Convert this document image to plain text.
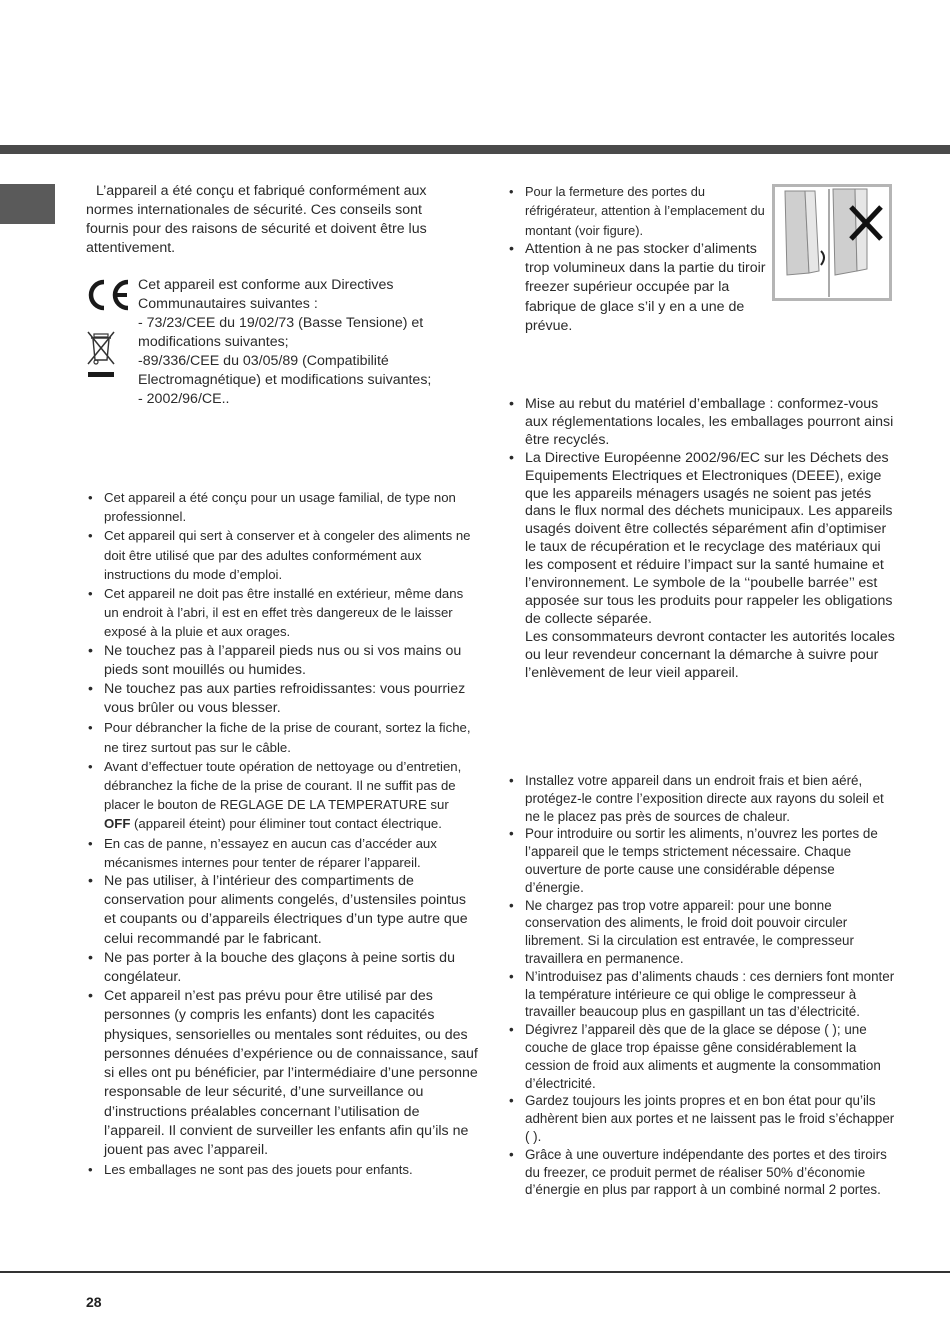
L’appareil a été conçu et fabriqué conformément aux normes internationales de sécurité. Ces conseils sont fournis pour des raisons de sécurité et doivent être lus attentivement.

Cet appareil est conforme aux Directives
Communautaires suivantes :
- 73/23/CEE du 19/02/73 (Basse Tensione) et
modifications suivantes;
-89/336/CEE du 03/05/89 (Compatibilité
Electromagnétique) et modifications suivantes;
- 2002/96/CE..
• Cet appareil a été conçu pour un usage familial, de type non professionnel.
• Cet appareil qui sert à conserver et à congeler des aliments ne doit être utilisé que par des adultes conformément aux instructions du mode d’emploi.
• Cet appareil ne doit pas être installé en extérieur, même dans un endroit à l’abri, il est en effet très dangereux de le laisser exposé à la pluie et aux orages.
• Ne touchez pas à l’appareil pieds nus ou si vos mains ou pieds sont mouillés ou humides.
• Ne touchez pas aux parties refroidissantes: vous pourriez vous brûler ou vous blesser.
• Pour débrancher la fiche de la prise de courant, sortez la fiche, ne tirez surtout pas sur le câble.
• Avant d’effectuer toute opération de nettoyage ou d’entretien, débranchez la fiche de la prise de courant. Il ne suffit pas de placer le bouton de REGLAGE DE LA TEMPERATURE sur OFF (appareil éteint) pour éliminer tout contact électrique.
• En cas de panne, n’essayez en aucun cas d’accéder aux mécanismes internes pour tenter de réparer l’appareil.
• Ne pas utiliser, à l’intérieur des compartiments de conservation pour aliments congelés, d’ustensiles pointus et coupants ou d’appareils électriques d’un type autre que celui recommandé par le fabricant.
• Ne pas porter à la bouche des glaçons à peine sortis du congélateur.
• Cet appareil n’est pas prévu pour être utilisé par des personnes (y compris les enfants) dont les capacités physiques, sensorielles ou mentales sont réduites, ou des personnes dénuées d’expérience ou de connaissance, sauf si elles ont pu bénéficier, par l’intermédiaire d’une personne responsable de leur sécurité, d’une surveillance ou d’instructions préalables concernant l’utilisation de l’appareil. Il convient de surveiller les enfants afin qu’ils ne jouent pas avec l’appareil.
• Les emballages ne sont pas des jouets pour enfants.
• Pour la fermeture des portes du réfrigérateur, attention à l’emplacement du montant (voir figure).
• Attention à ne pas stocker d’aliments trop volumineux dans la partie du tiroir freezer supérieur occupée par la fabrique de glace s’il y en a une de prévue.
• Mise au rebut du matériel d’emballage : conformez-vous aux réglementations locales, les emballages pourront ainsi être recyclés.
• La Directive Européenne 2002/96/EC sur les Déchets des Equipements Electriques et Electroniques (DEEE), exige que les appareils ménagers usagés ne soient pas jetés dans le flux normal des déchets municipaux. Les appareils usagés doivent être collectés séparément afin d’optimiser le taux de récupération et le recyclage des matériaux qui les composent et réduire l’impact sur la santé humaine et l’environnement. Le symbole de la ‘‘poubelle barrée’’ est apposée sur tous les produits pour rappeler les obligations de collecte séparée.
Les consommateurs devront contacter les autorités locales ou leur revendeur concernant la démarche à suivre pour l’enlèvement de leur vieil appareil.
• Installez votre appareil dans un endroit frais et bien aéré, protégez-le contre l’exposition directe aux rayons du soleil et ne le placez pas près de sources de chaleur.
• Pour introduire ou sortir les aliments, n’ouvrez les portes de l’appareil que le temps strictement nécessaire. Chaque ouverture de porte cause une considérable dépense d’énergie.
• Ne chargez pas trop votre appareil: pour une bonne conservation des aliments, le froid doit pouvoir circuler librement. Si la circulation est entravée, le compresseur travaillera en permanence.
• N’introduisez pas d’aliments chauds : ces derniers font monter la température intérieure ce qui oblige le compresseur à travailler beaucoup plus en gaspillant un tas d’électricité.
• Dégivrez l’appareil dès que de la glace se dépose ( ); une couche de glace trop épaisse gêne considérablement la cession de froid aux aliments et augmente la consommation d’électricité.
• Gardez toujours les joints propres et en bon état pour qu’ils adhèrent bien aux portes et ne laissent pas le froid s’échapper ( ).
• Grâce à une ouverture indépendante des portes et des tiroirs du freezer, ce produit permet de réaliser 50% d’économie d’énergie en plus par rapport à un combiné normal 2 portes.
28
